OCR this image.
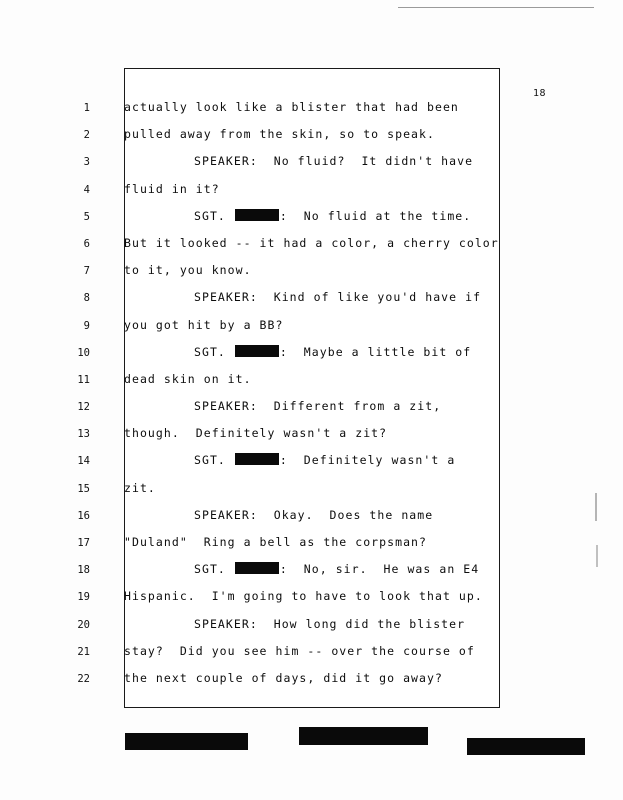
18
1	actually look like a blister that had been
2	pulled away from the skin, so to speak.
3	SPEAKER:  No fluid?  It didn't have
4	fluid in it?
5	SGT.	:  No fluid at the time.
6	But it looked -- it had a color, a cherry color
7	to it, you know.
8	SPEAKER:  Kind of like you'd have if
9	you got hit by a BB?
10	SGT.	:  Maybe a little bit of
11	dead skin on it.
12	SPEAKER:  Different from a zit,
13	though.  Definitely wasn't a zit?
14	SGT.	:  Definitely wasn't a
15	zit.
16	SPEAKER:  Okay.  Does the name
17	"Duland"  Ring a bell as the corpsman?
18	SGT.	:  No, sir.  He was an E4
19	Hispanic.  I'm going to have to look that up.
20	SPEAKER:  How long did the blister
21	stay?  Did you see him -- over the course of
22	the next couple of days, did it go away?
